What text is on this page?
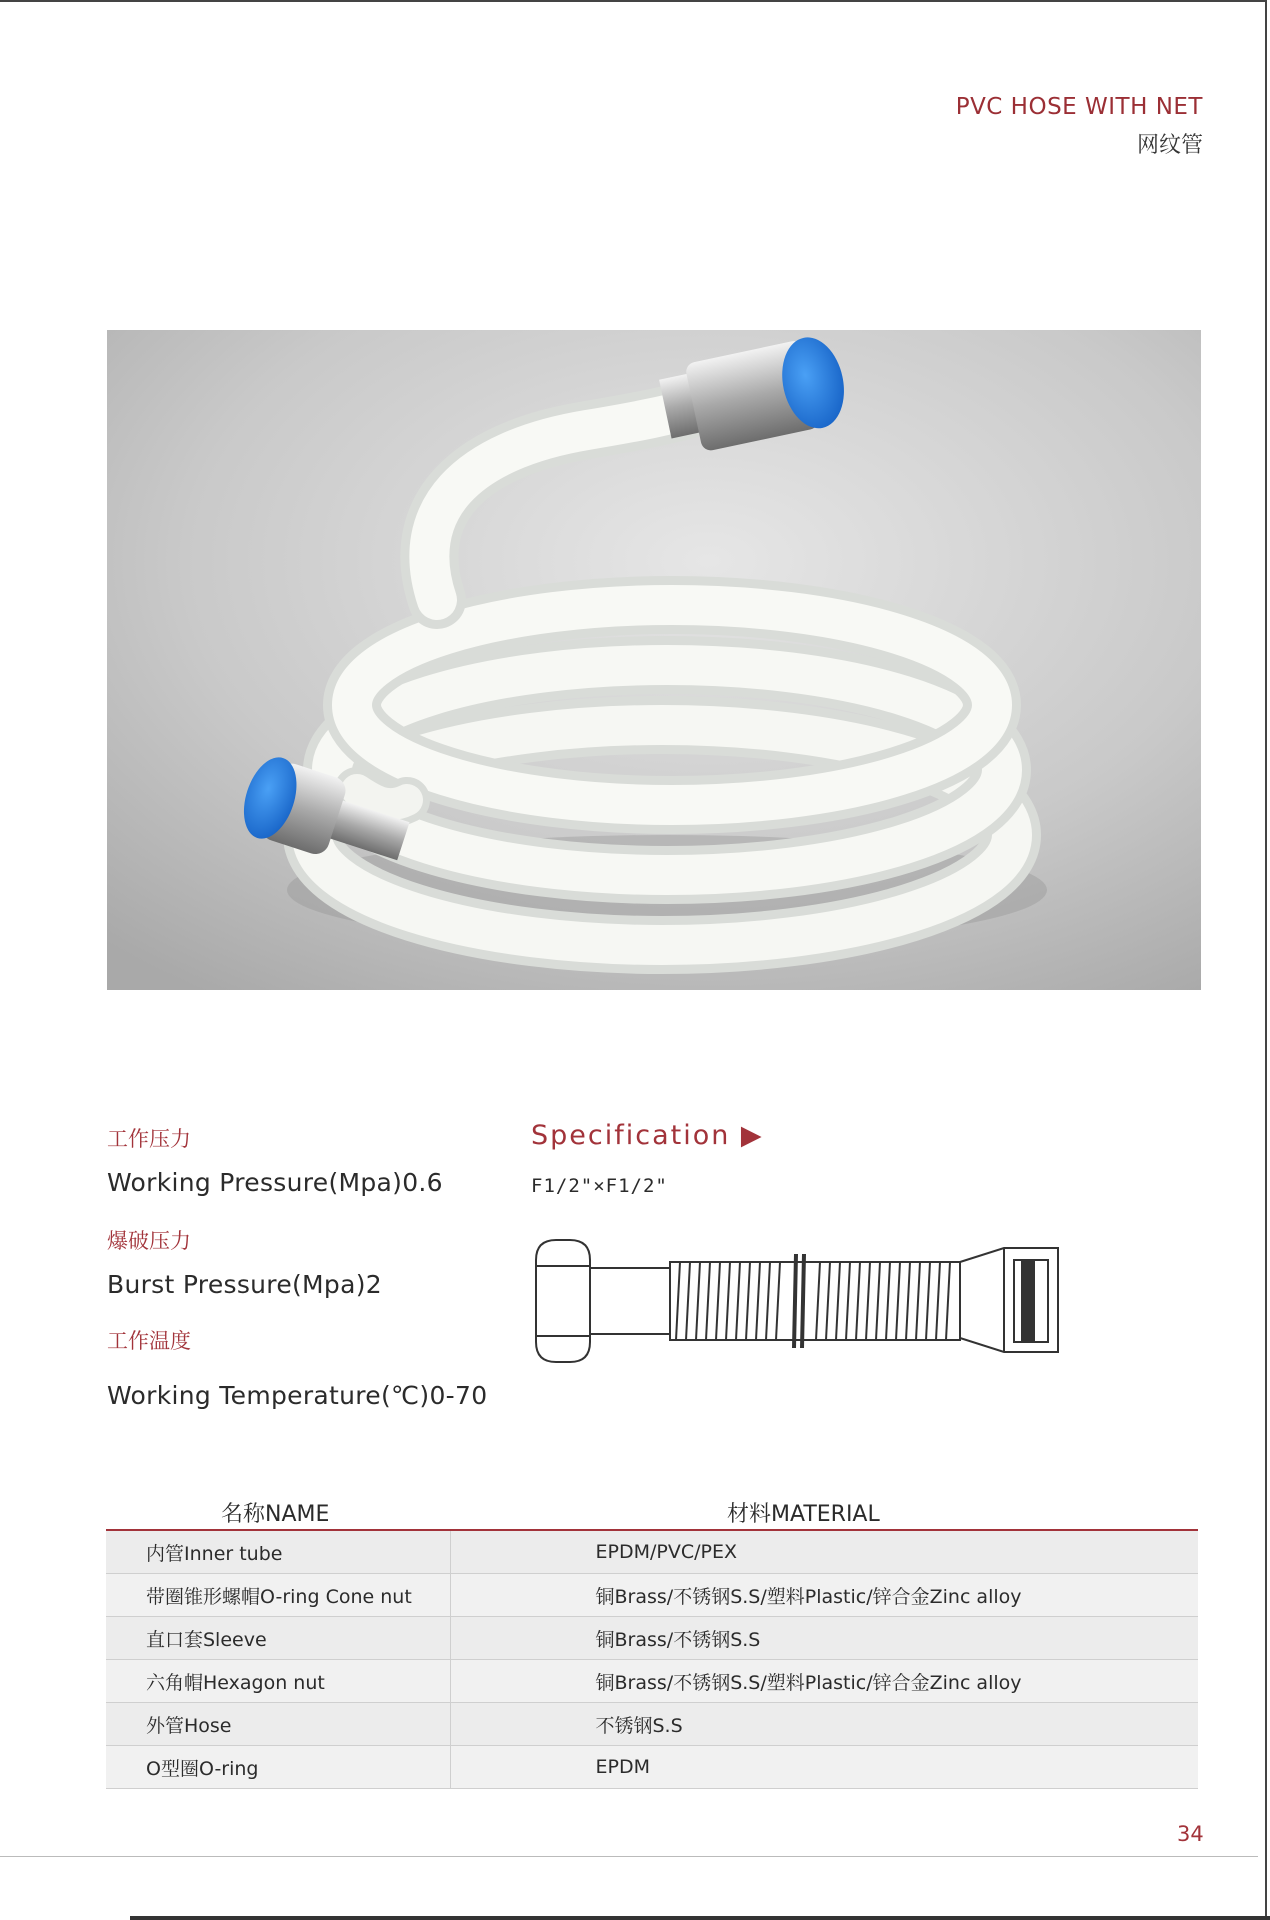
PVC HOSE WITH NET
网纹管
工作压力
Working Pressure(Mpa)0.6
爆破压力
Burst Pressure(Mpa)2
工作温度
Working Temperature(℃)0-70
Specification ▶
F1/2"×F1/2"
名称NAME	材料MATERIAL
内管Inner tube	EPDM/PVC/PEX
带圈锥形螺帽O-ring Cone nut	铜Brass/不锈钢S.S/塑料Plastic/锌合金Zinc alloy
直口套Sleeve	铜Brass/不锈钢S.S
六角帽Hexagon nut	铜Brass/不锈钢S.S/塑料Plastic/锌合金Zinc alloy
外管Hose	不锈钢S.S
O型圈O-ring	EPDM
34
